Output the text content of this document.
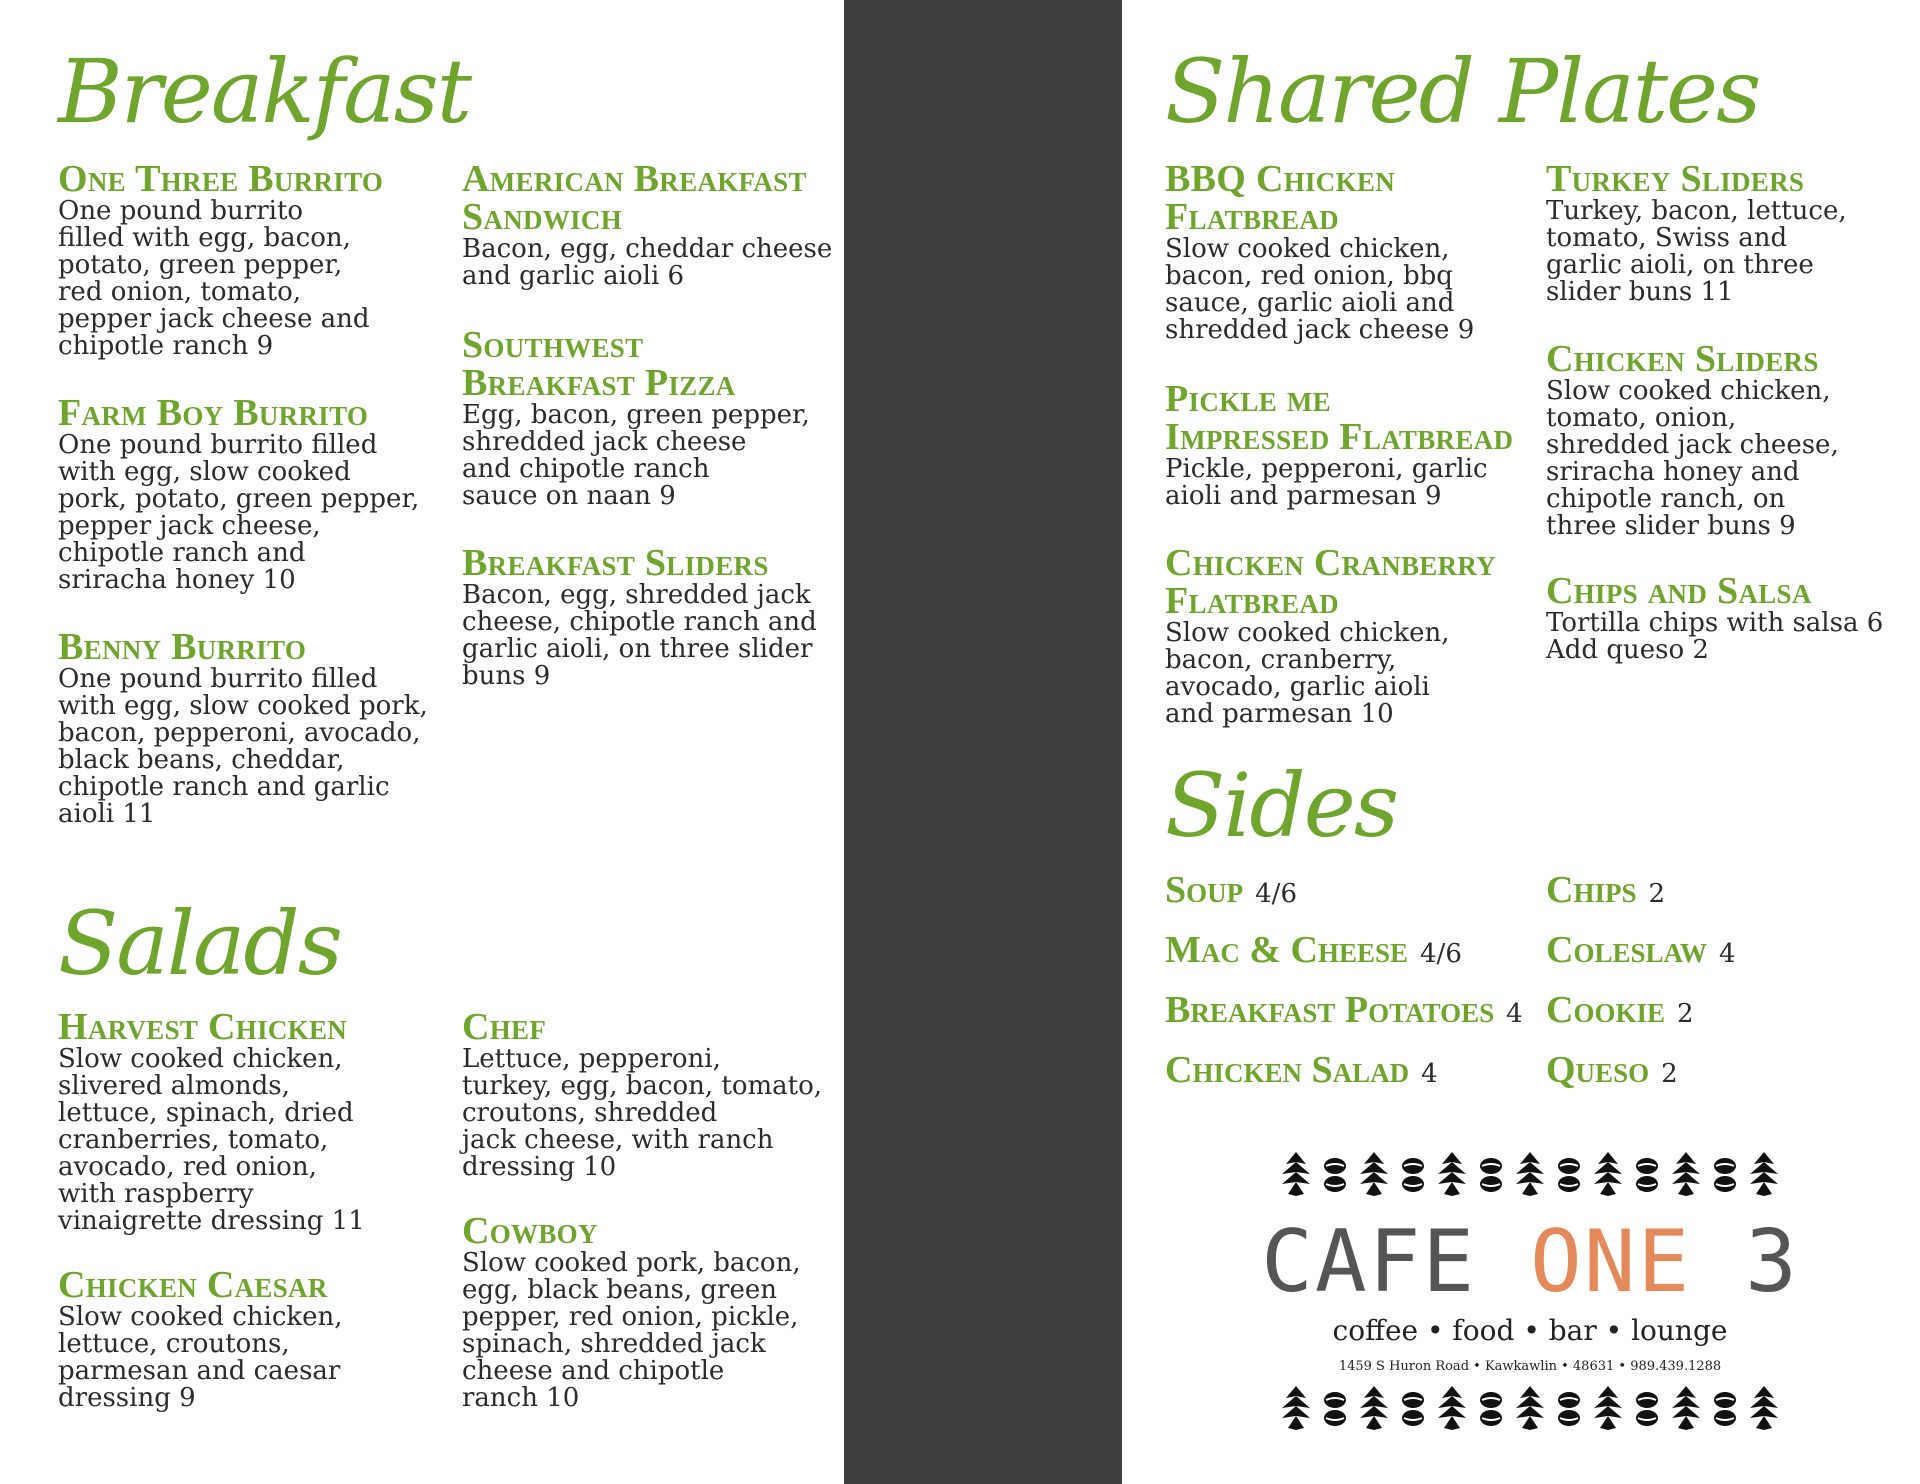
Breakfast
One Three Burrito
One pound burrito
filled with egg, bacon,
potato, green pepper,
red onion, tomato,
pepper jack cheese and
chipotle ranch 9
Farm Boy Burrito
One pound burrito filled
with egg, slow cooked
pork, potato, green pepper,
pepper jack cheese,
chipotle ranch and
sriracha honey 10
Benny Burrito
One pound burrito filled
with egg, slow cooked pork,
bacon, pepperoni, avocado,
black beans, cheddar,
chipotle ranch and garlic
aioli 11
American Breakfast
Sandwich
Bacon, egg, cheddar cheese
and garlic aioli 6
Southwest
Breakfast Pizza
Egg, bacon, green pepper,
shredded jack cheese
and chipotle ranch
sauce on naan 9
Breakfast Sliders
Bacon, egg, shredded jack
cheese, chipotle ranch and
garlic aioli, on three slider
buns 9
Salads
Harvest Chicken
Slow cooked chicken,
slivered almonds,
lettuce, spinach, dried
cranberries, tomato,
avocado, red onion,
with raspberry
vinaigrette dressing 11
Chicken Caesar
Slow cooked chicken,
lettuce, croutons,
parmesan and caesar
dressing 9
Chef
Lettuce, pepperoni,
turkey, egg, bacon, tomato,
croutons, shredded
jack cheese, with ranch
dressing 10
Cowboy
Slow cooked pork, bacon,
egg, black beans, green
pepper, red onion, pickle,
spinach, shredded jack
cheese and chipotle
ranch 10
Shared Plates
BBQ Chicken
Flatbread
Slow cooked chicken,
bacon, red onion, bbq
sauce, garlic aioli and
shredded jack cheese 9
Pickle me
Impressed Flatbread
Pickle, pepperoni, garlic
aioli and parmesan 9
Chicken Cranberry
Flatbread
Slow cooked chicken,
bacon, cranberry,
avocado, garlic aioli
and parmesan 10
Turkey Sliders
Turkey, bacon, lettuce,
tomato, Swiss and
garlic aioli, on three
slider buns 11
Chicken Sliders
Slow cooked chicken,
tomato, onion,
shredded jack cheese,
sriracha honey and
chipotle ranch, on
three slider buns 9
Chips and Salsa
Tortilla chips with salsa 6
Add queso 2
Sides
Soup 4/6
Mac & Cheese 4/6
Breakfast Potatoes 4
Chicken Salad 4
Chips 2
Coleslaw 4
Cookie 2
Queso 2
CAFE ONE 3
coffee • food • bar • lounge
1459 S Huron Road • Kawkawlin • 48631 • 989.439.1288
